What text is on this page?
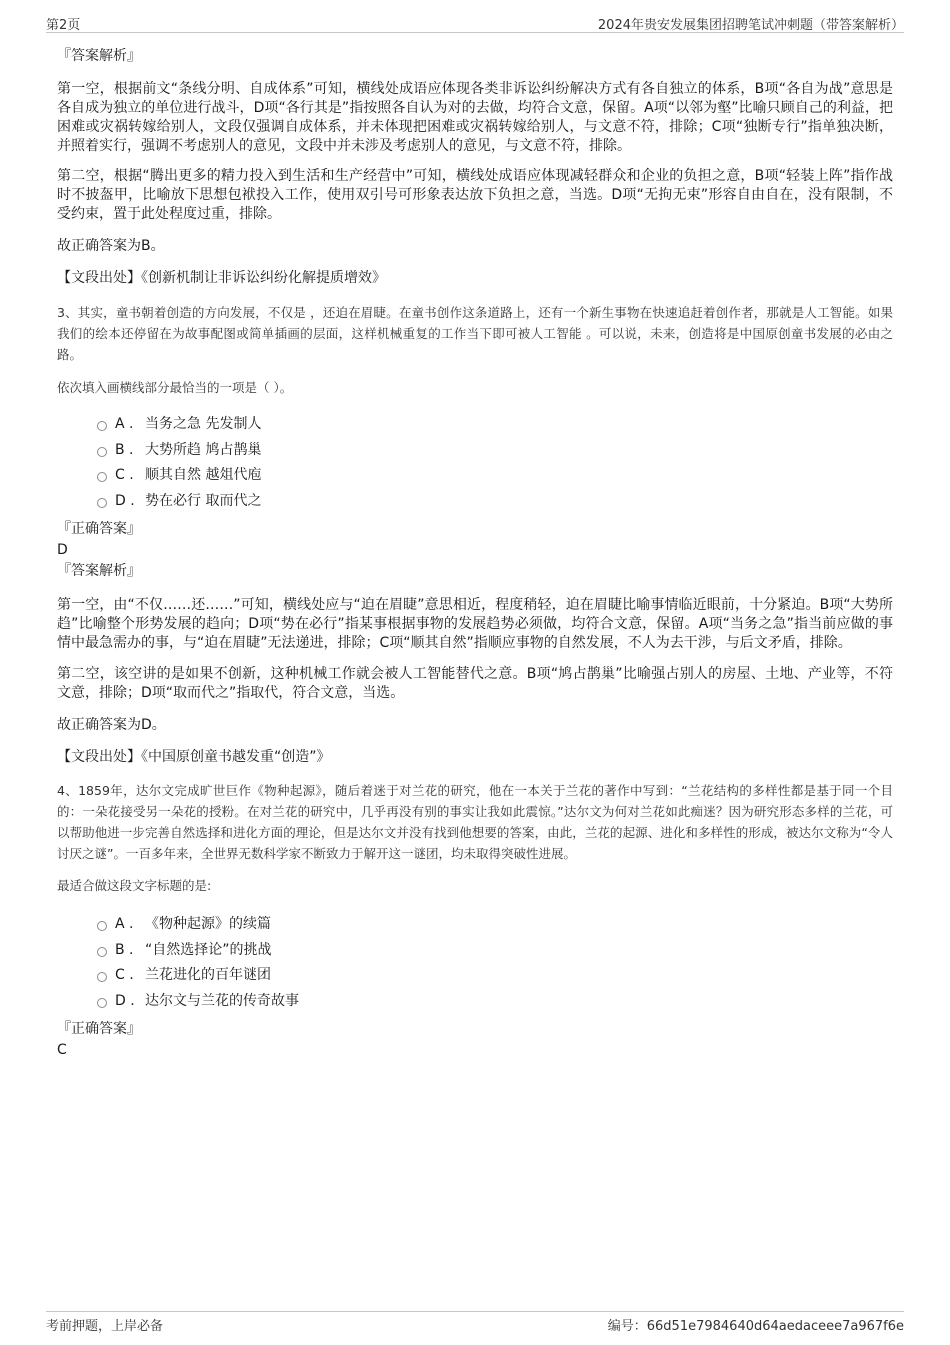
第2页	2024年贵安发展集团招聘笔试冲刺题（带答案解析）

『答案解析』

第一空，根据前文“条线分明、自成体系”可知，横线处成语应体现各类非诉讼纠纷解决方式有各自独立的体系，B项“各自为战”意思是各自成为独立的单位进行战斗，D项“各行其是”指按照各自认为对的去做，均符合文意，保留。A项“以邻为壑”比喻只顾自己的利益，把困难或灾祸转嫁给别人，文段仅强调自成体系，并未体现把困难或灾祸转嫁给别人，与文意不符，排除；C项“独断专行”指单独决断，并照着实行，强调不考虑别人的意见，文段中并未涉及考虑别人的意见，与文意不符，排除。

第二空，根据“腾出更多的精力投入到生活和生产经营中”可知，横线处成语应体现减轻群众和企业的负担之意，B项“轻装上阵”指作战时不披盔甲，比喻放下思想包袱投入工作，使用双引号可形象表达放下负担之意，当选。D项“无拘无束”形容自由自在，没有限制，不受约束，置于此处程度过重，排除。

故正确答案为B。

【文段出处】《创新机制让非诉讼纠纷化解提质增效》

3、其实，童书朝着创造的方向发展，不仅是 ，还迫在眉睫。在童书创作这条道路上，还有一个新生事物在快速追赶着创作者，那就是人工智能。如果我们的绘本还停留在为故事配图或简单插画的层面，这样机械重复的工作当下即可被人工智能 。可以说，未来，创造将是中国原创童书发展的必由之路。

依次填入画横线部分最恰当的一项是（ ）。

A . 当务之急 先发制人
B . 大势所趋 鸠占鹊巢
C . 顺其自然 越俎代庖
D . 势在必行 取而代之

『正确答案』

D

『答案解析』

第一空，由“不仅……还……”可知，横线处应与“迫在眉睫”意思相近，程度稍轻，迫在眉睫比喻事情临近眼前，十分紧迫。B项“大势所趋”比喻整个形势发展的趋向；D项“势在必行”指某事根据事物的发展趋势必须做，均符合文意，保留。A项“当务之急”指当前应做的事情中最急需办的事，与“迫在眉睫”无法递进，排除；C项“顺其自然”指顺应事物的自然发展，不人为去干涉，与后文矛盾，排除。

第二空，该空讲的是如果不创新，这种机械工作就会被人工智能替代之意。B项“鸠占鹊巢”比喻强占别人的房屋、土地、产业等，不符文意，排除；D项“取而代之”指取代，符合文意，当选。

故正确答案为D。

【文段出处】《中国原创童书越发重“创造”》

4、1859年，达尔文完成旷世巨作《物种起源》，随后着迷于对兰花的研究，他在一本关于兰花的著作中写到：“兰花结构的多样性都是基于同一个目的：一朵花接受另一朵花的授粉。在对兰花的研究中，几乎再没有别的事实让我如此震惊。”达尔文为何对兰花如此痴迷？因为研究形态多样的兰花，可以帮助他进一步完善自然选择和进化方面的理论，但是达尔文并没有找到他想要的答案，由此，兰花的起源、进化和多样性的形成，被达尔文称为“令人讨厌之谜”。一百多年来，全世界无数科学家不断致力于解开这一谜团，均未取得突破性进展。

最适合做这段文字标题的是:

A . 《物种起源》的续篇
B . “自然选择论”的挑战
C . 兰花进化的百年谜团
D . 达尔文与兰花的传奇故事

『正确答案』

C

考前押题，上岸必备	编号：66d51e7984640d64aedaceee7a967f6e
